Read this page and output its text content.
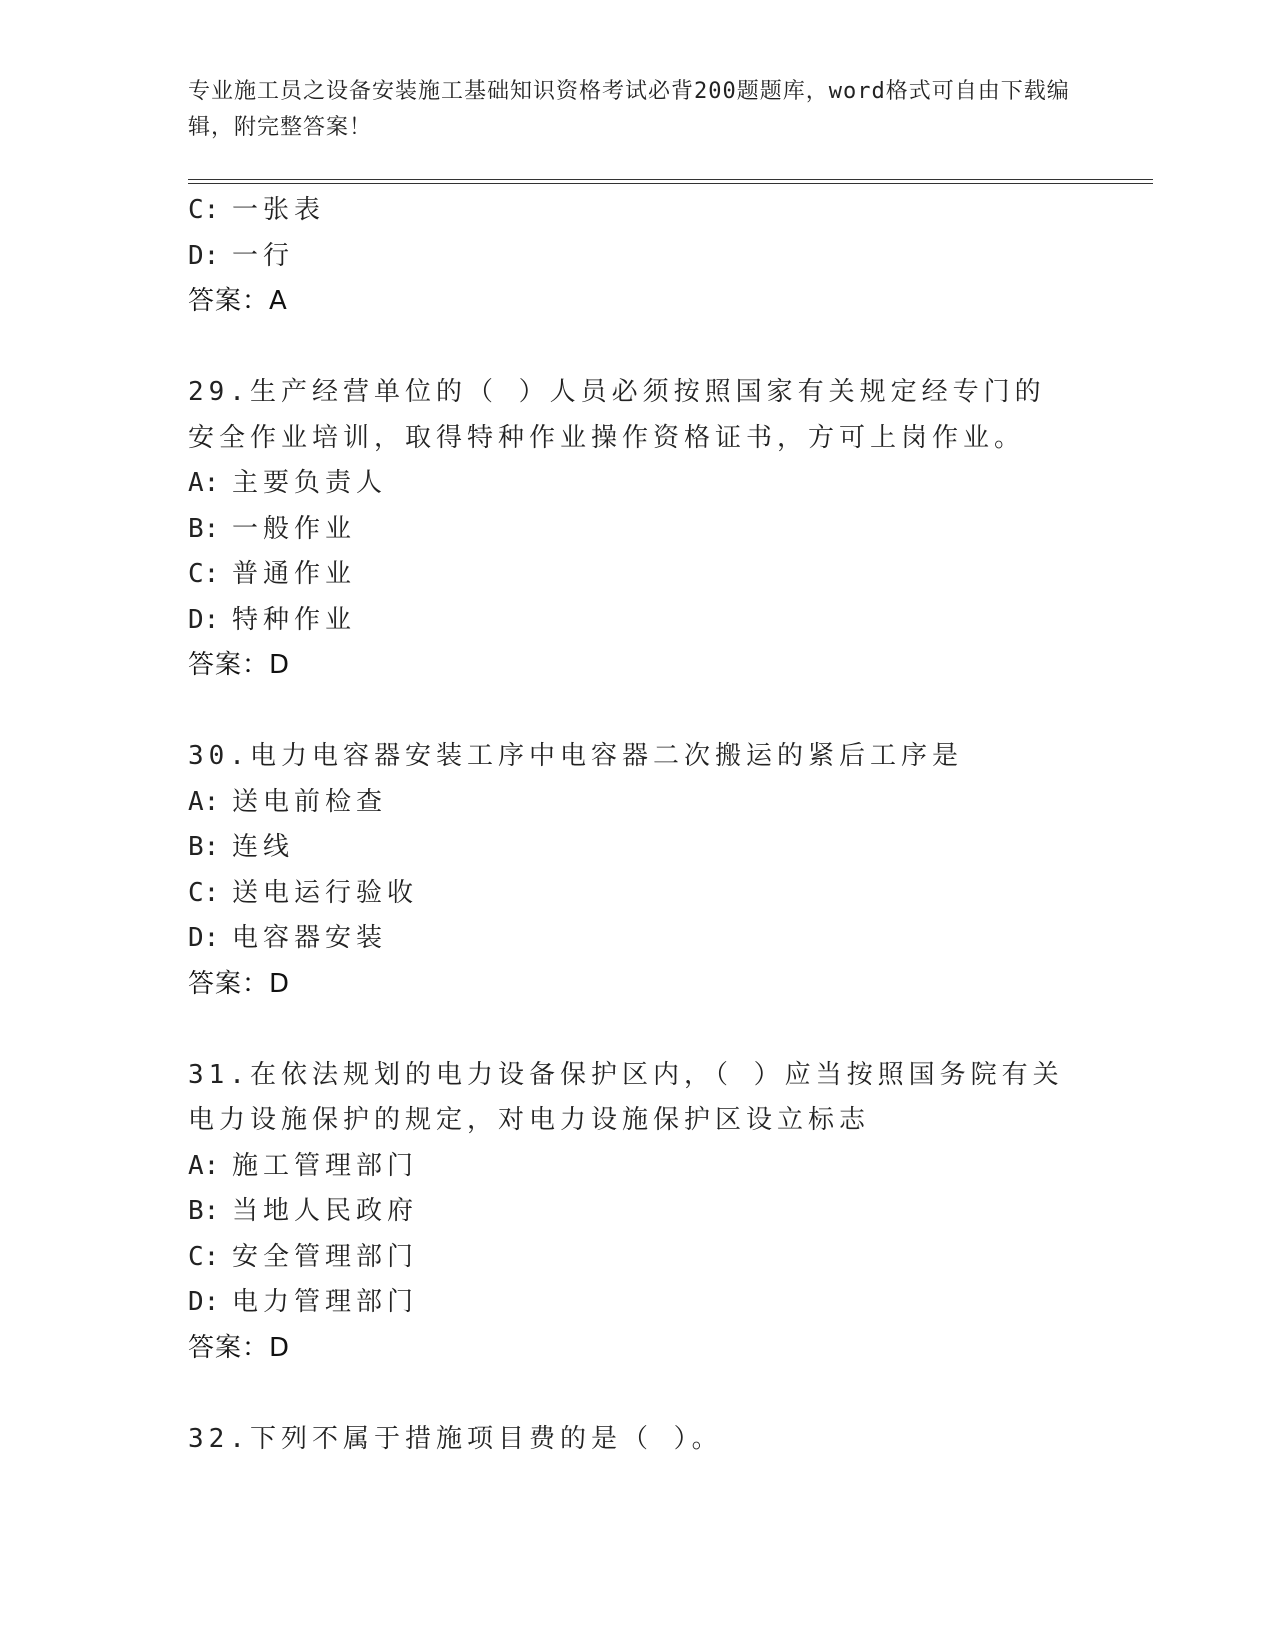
专业施工员之设备安装施工基础知识资格考试必背200题题库，word格式可自由下载编辑，附完整答案！
C: 一张表
D: 一行
答案：A
29.生产经营单位的（ ）人员必须按照国家有关规定经专门的安全作业培训，取得特种作业操作资格证书，方可上岗作业。
A: 主要负责人
B: 一般作业
C: 普通作业
D: 特种作业
答案：D
30.电力电容器安装工序中电容器二次搬运的紧后工序是
A: 送电前检查
B: 连线
C: 送电运行验收
D: 电容器安装
答案：D
31.在依法规划的电力设备保护区内，（ ）应当按照国务院有关电力设施保护的规定，对电力设施保护区设立标志
A: 施工管理部门
B: 当地人民政府
C: 安全管理部门
D: 电力管理部门
答案：D
32.下列不属于措施项目费的是（ ）。
